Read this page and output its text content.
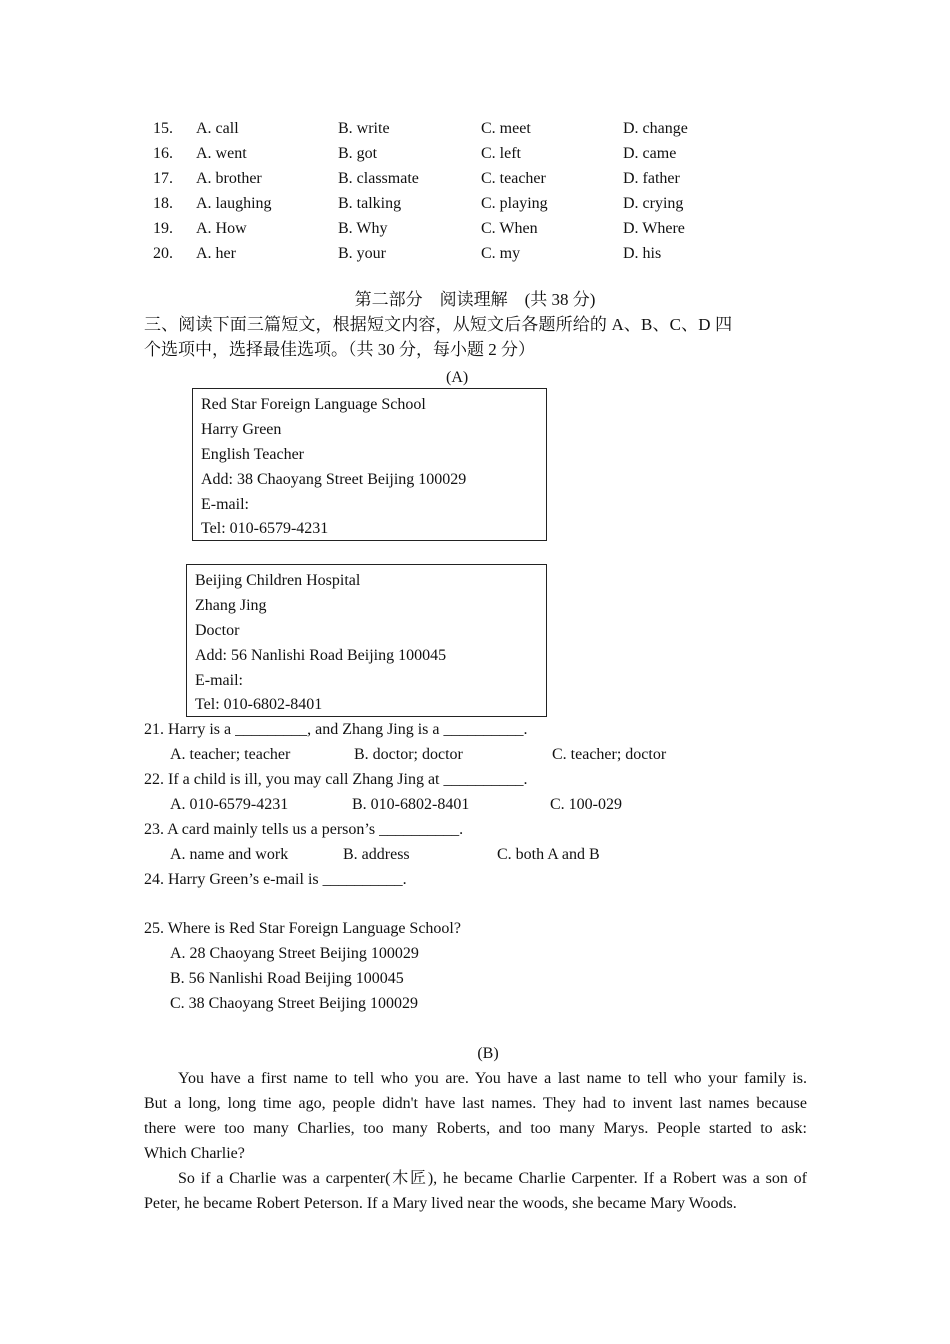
15. A. call	B. write	C. meet	D. change
16. A. went	B. got	C. left	D. came
17. A. brother	B. classmate	C. teacher	D. father
18. A. laughing	B. talking	C. playing	D. crying
19. A. How	B. Why	C. When	D. Where
20. A. her	B. your	C. my	D. his
第二部分　阅读理解　(共 38 分)
三、阅读下面三篇短文，根据短文内容，从短文后各题所给的 A、B、C、D 四
个选项中，选择最佳选项。（共 30 分，每小题 2 分）
(A)
Red Star Foreign Language School
Harry Green
English Teacher
Add: 38 Chaoyang Street Beijing 100029
E-mail:
Tel: 010-6579-4231
Beijing Children Hospital
Zhang Jing
Doctor
Add: 56 Nanlishi Road Beijing 100045
E-mail:
Tel: 010-6802-8401
21. Harry is a _________, and Zhang Jing is a __________.
A. teacher; teacher	B. doctor; doctor	C. teacher; doctor
22. If a child is ill, you may call Zhang Jing at __________.
A. 010-6579-4231	B. 010-6802-8401	C. 100-029
23. A card mainly tells us a person’s __________.
A. name and work	B. address	C. both A and B
24. Harry Green’s e-mail is __________.
25. Where is Red Star Foreign Language School?
A. 28 Chaoyang Street Beijing 100029
B. 56 Nanlishi Road Beijing 100045
C. 38 Chaoyang Street Beijing 100029
(B)
You have a first name to tell who you are. You have a last name to tell who your family is.
But a long, long time ago, people didn't have last names. They had to invent last names because
there were too many Charlies, too many Roberts, and too many Marys. People started to ask:
Which Charlie?
So if a Charlie was a carpenter(木匠), he became Charlie Carpenter. If a Robert was a son of
Peter, he became Robert Peterson. If a Mary lived near the woods, she became Mary Woods.
